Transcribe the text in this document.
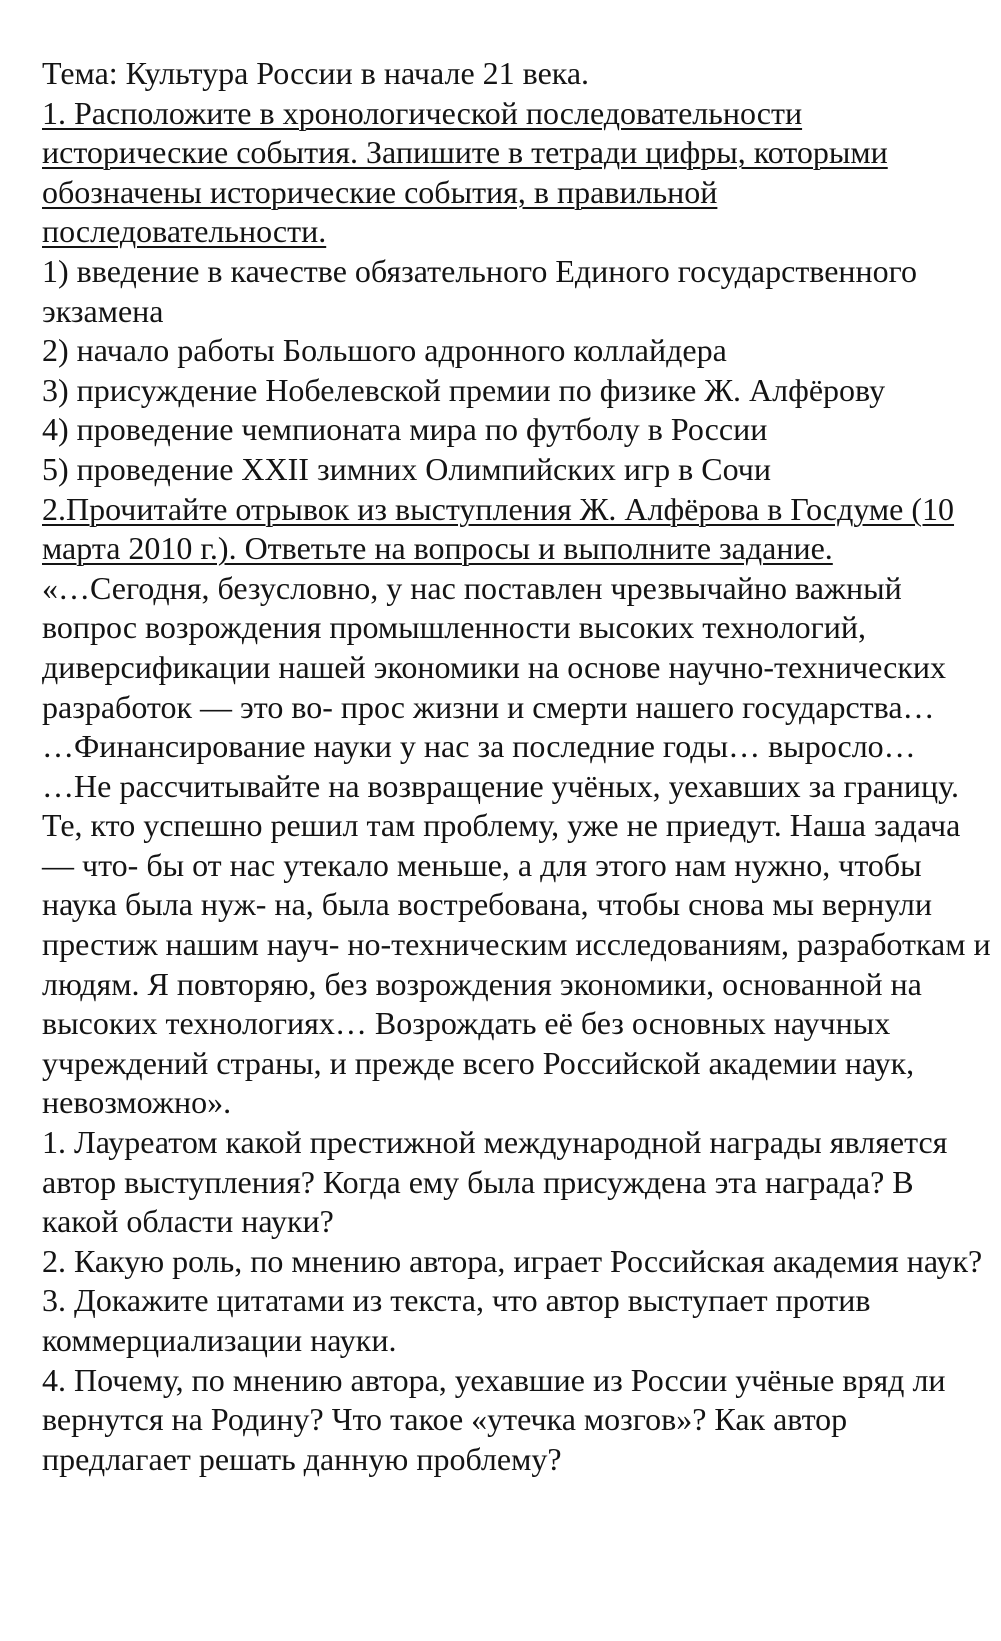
Тема: Культура России в начале 21 века.

1. Расположите в хронологической последовательности исторические события. Запишите в тетради цифры, которыми обозначены исторические события, в правильной последовательности.

1) введение в качестве обязательного Единого государственного экзамена

2) начало работы Большого адронного коллайдера

3) присуждение Нобелевской премии по физике Ж. Алфёрову

4) проведение чемпионата мира по футболу в России

5) проведение XXII зимних Олимпийских игр в Сочи

2.Прочитайте отрывок из выступления Ж. Алфёрова в Госдуме (10 марта 2010 г.). Ответьте на вопросы и выполните задание.

«…Сегодня, безусловно, у нас поставлен чрезвычайно важный вопрос возрождения промышленности высоких технологий, диверсификации нашей экономики на основе научно-технических разработок — это во- прос жизни и смерти нашего государства…

…Финансирование науки у нас за последние годы… выросло…

…Не рассчитывайте на возвращение учёных, уехавших за границу. Те, кто успешно решил там проблему, уже не приедут. Наша задача — что- бы от нас утекало меньше, а для этого нам нужно, чтобы наука была нуж- на, была востребована, чтобы снова мы вернули престиж нашим науч- но-техническим исследованиям, разработкам и людям. Я повторяю, без возрождения экономики, основанной на высоких технологиях… Возрождать её без основных научных учреждений страны, и прежде всего Российской академии наук, невозможно».

1. Лауреатом какой престижной международной награды является автор выступления? Когда ему была присуждена эта награда? В какой области науки?

2. Какую роль, по мнению автора, играет Российская академия наук?

3. Докажите цитатами из текста, что автор выступает против коммерциализации науки.

4. Почему, по мнению автора, уехавшие из России учёные вряд ли вернутся на Родину? Что такое «утечка мозгов»? Как автор предлагает решать данную проблему?
